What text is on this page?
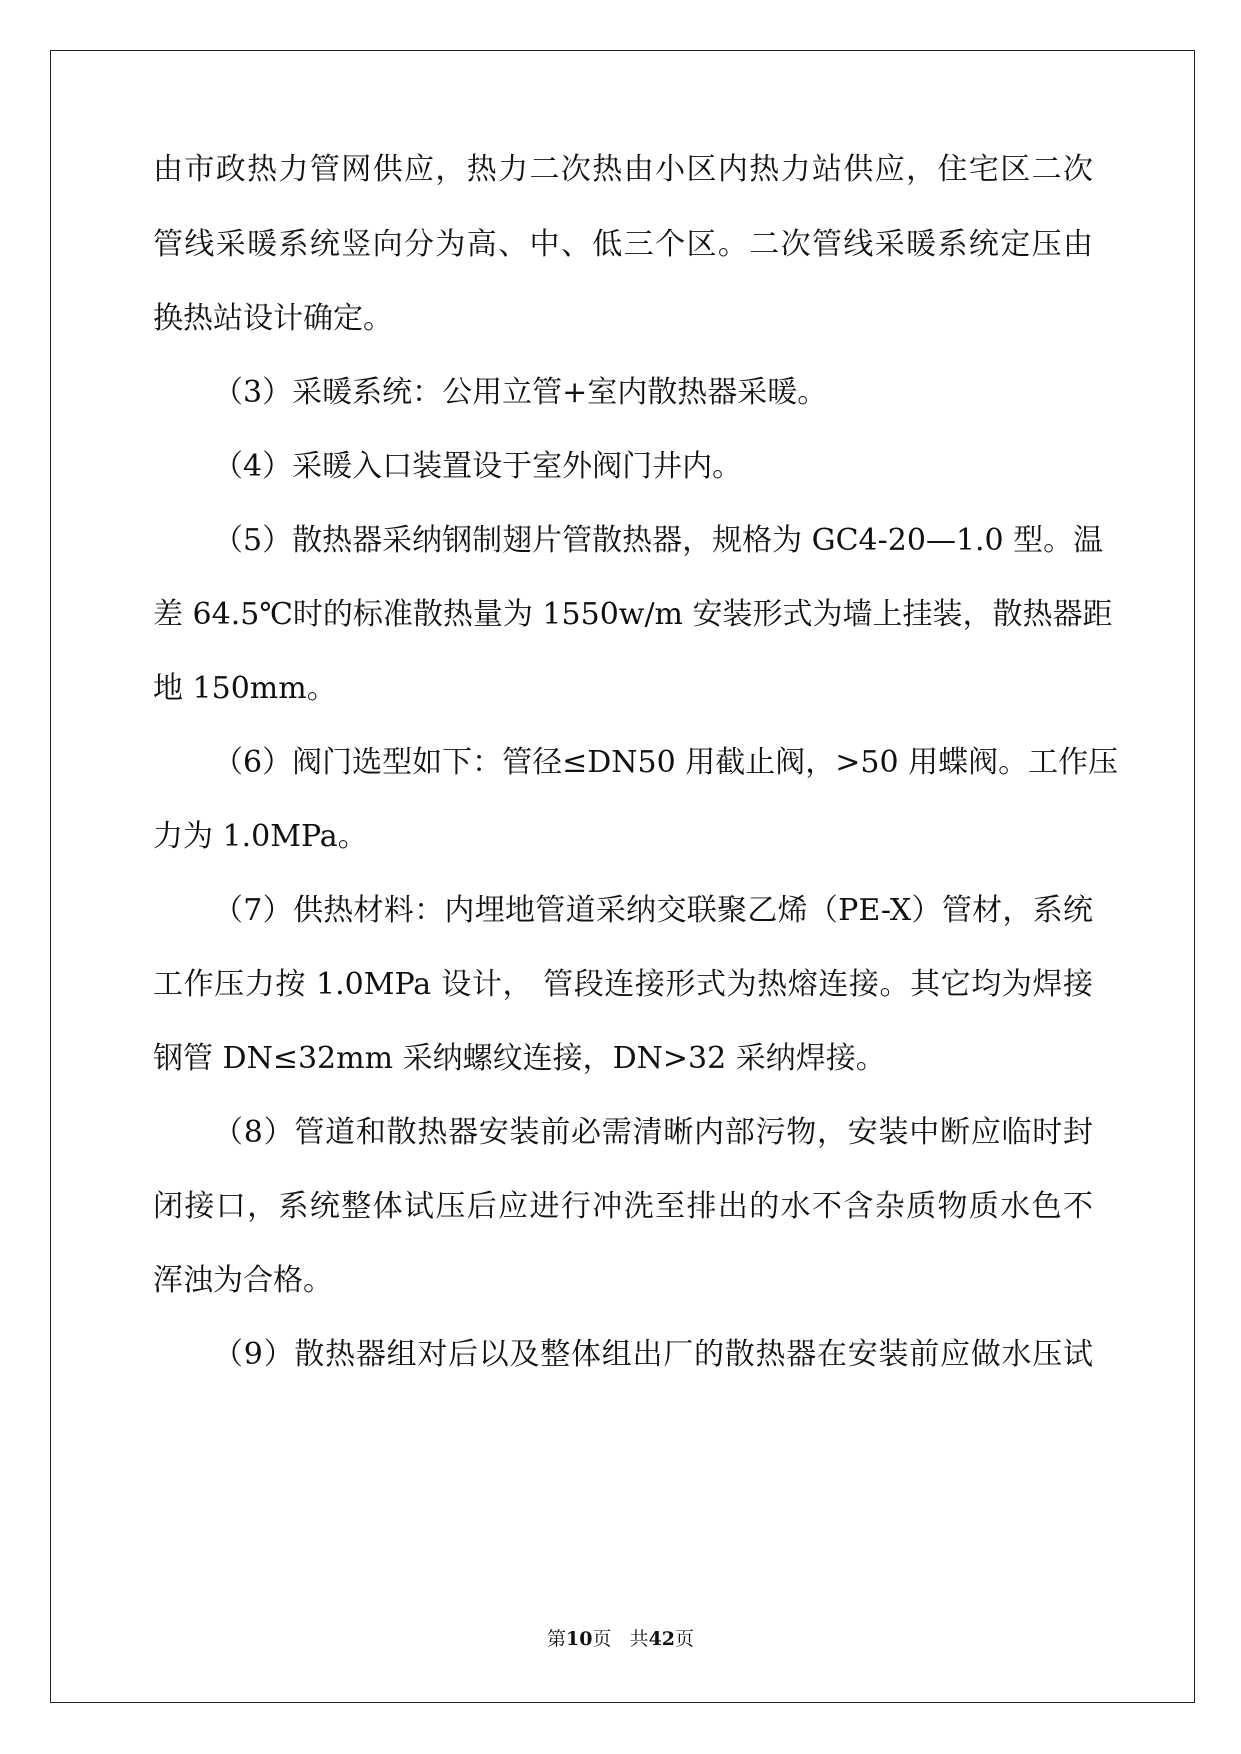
由市政热力管网供应，热力二次热由小区内热力站供应，住宅区二次
管线采暖系统竖向分为高、中、低三个区。二次管线采暖系统定压由
换热站设计确定。
（3）采暖系统：公用立管+室内散热器采暖。
（4）采暖入口装置设于室外阀门井内。
（5）散热器采纳钢制翅片管散热器，规格为 GC4-20—1.0 型。温
差 64.5℃时的标准散热量为 1550w/m 安装形式为墙上挂装，散热器距
地 150mm。
（6）阀门选型如下：管径≤DN50 用截止阀，>50 用蝶阀。工作压
力为 1.0MPa。
（7）供热材料：内埋地管道采纳交联聚乙烯（PE-X）管材，系统
工作压力按 1.0MPa 设计， 管段连接形式为热熔连接。其它均为焊接
钢管 DN≤32mm 采纳螺纹连接，DN>32 采纳焊接。
（8）管道和散热器安装前必需清晰内部污物，安装中断应临时封
闭接口，系统整体试压后应进行冲洗至排出的水不含杂质物质水色不
浑浊为合格。
（9）散热器组对后以及整体组出厂的散热器在安装前应做水压试
第10页   共42页
